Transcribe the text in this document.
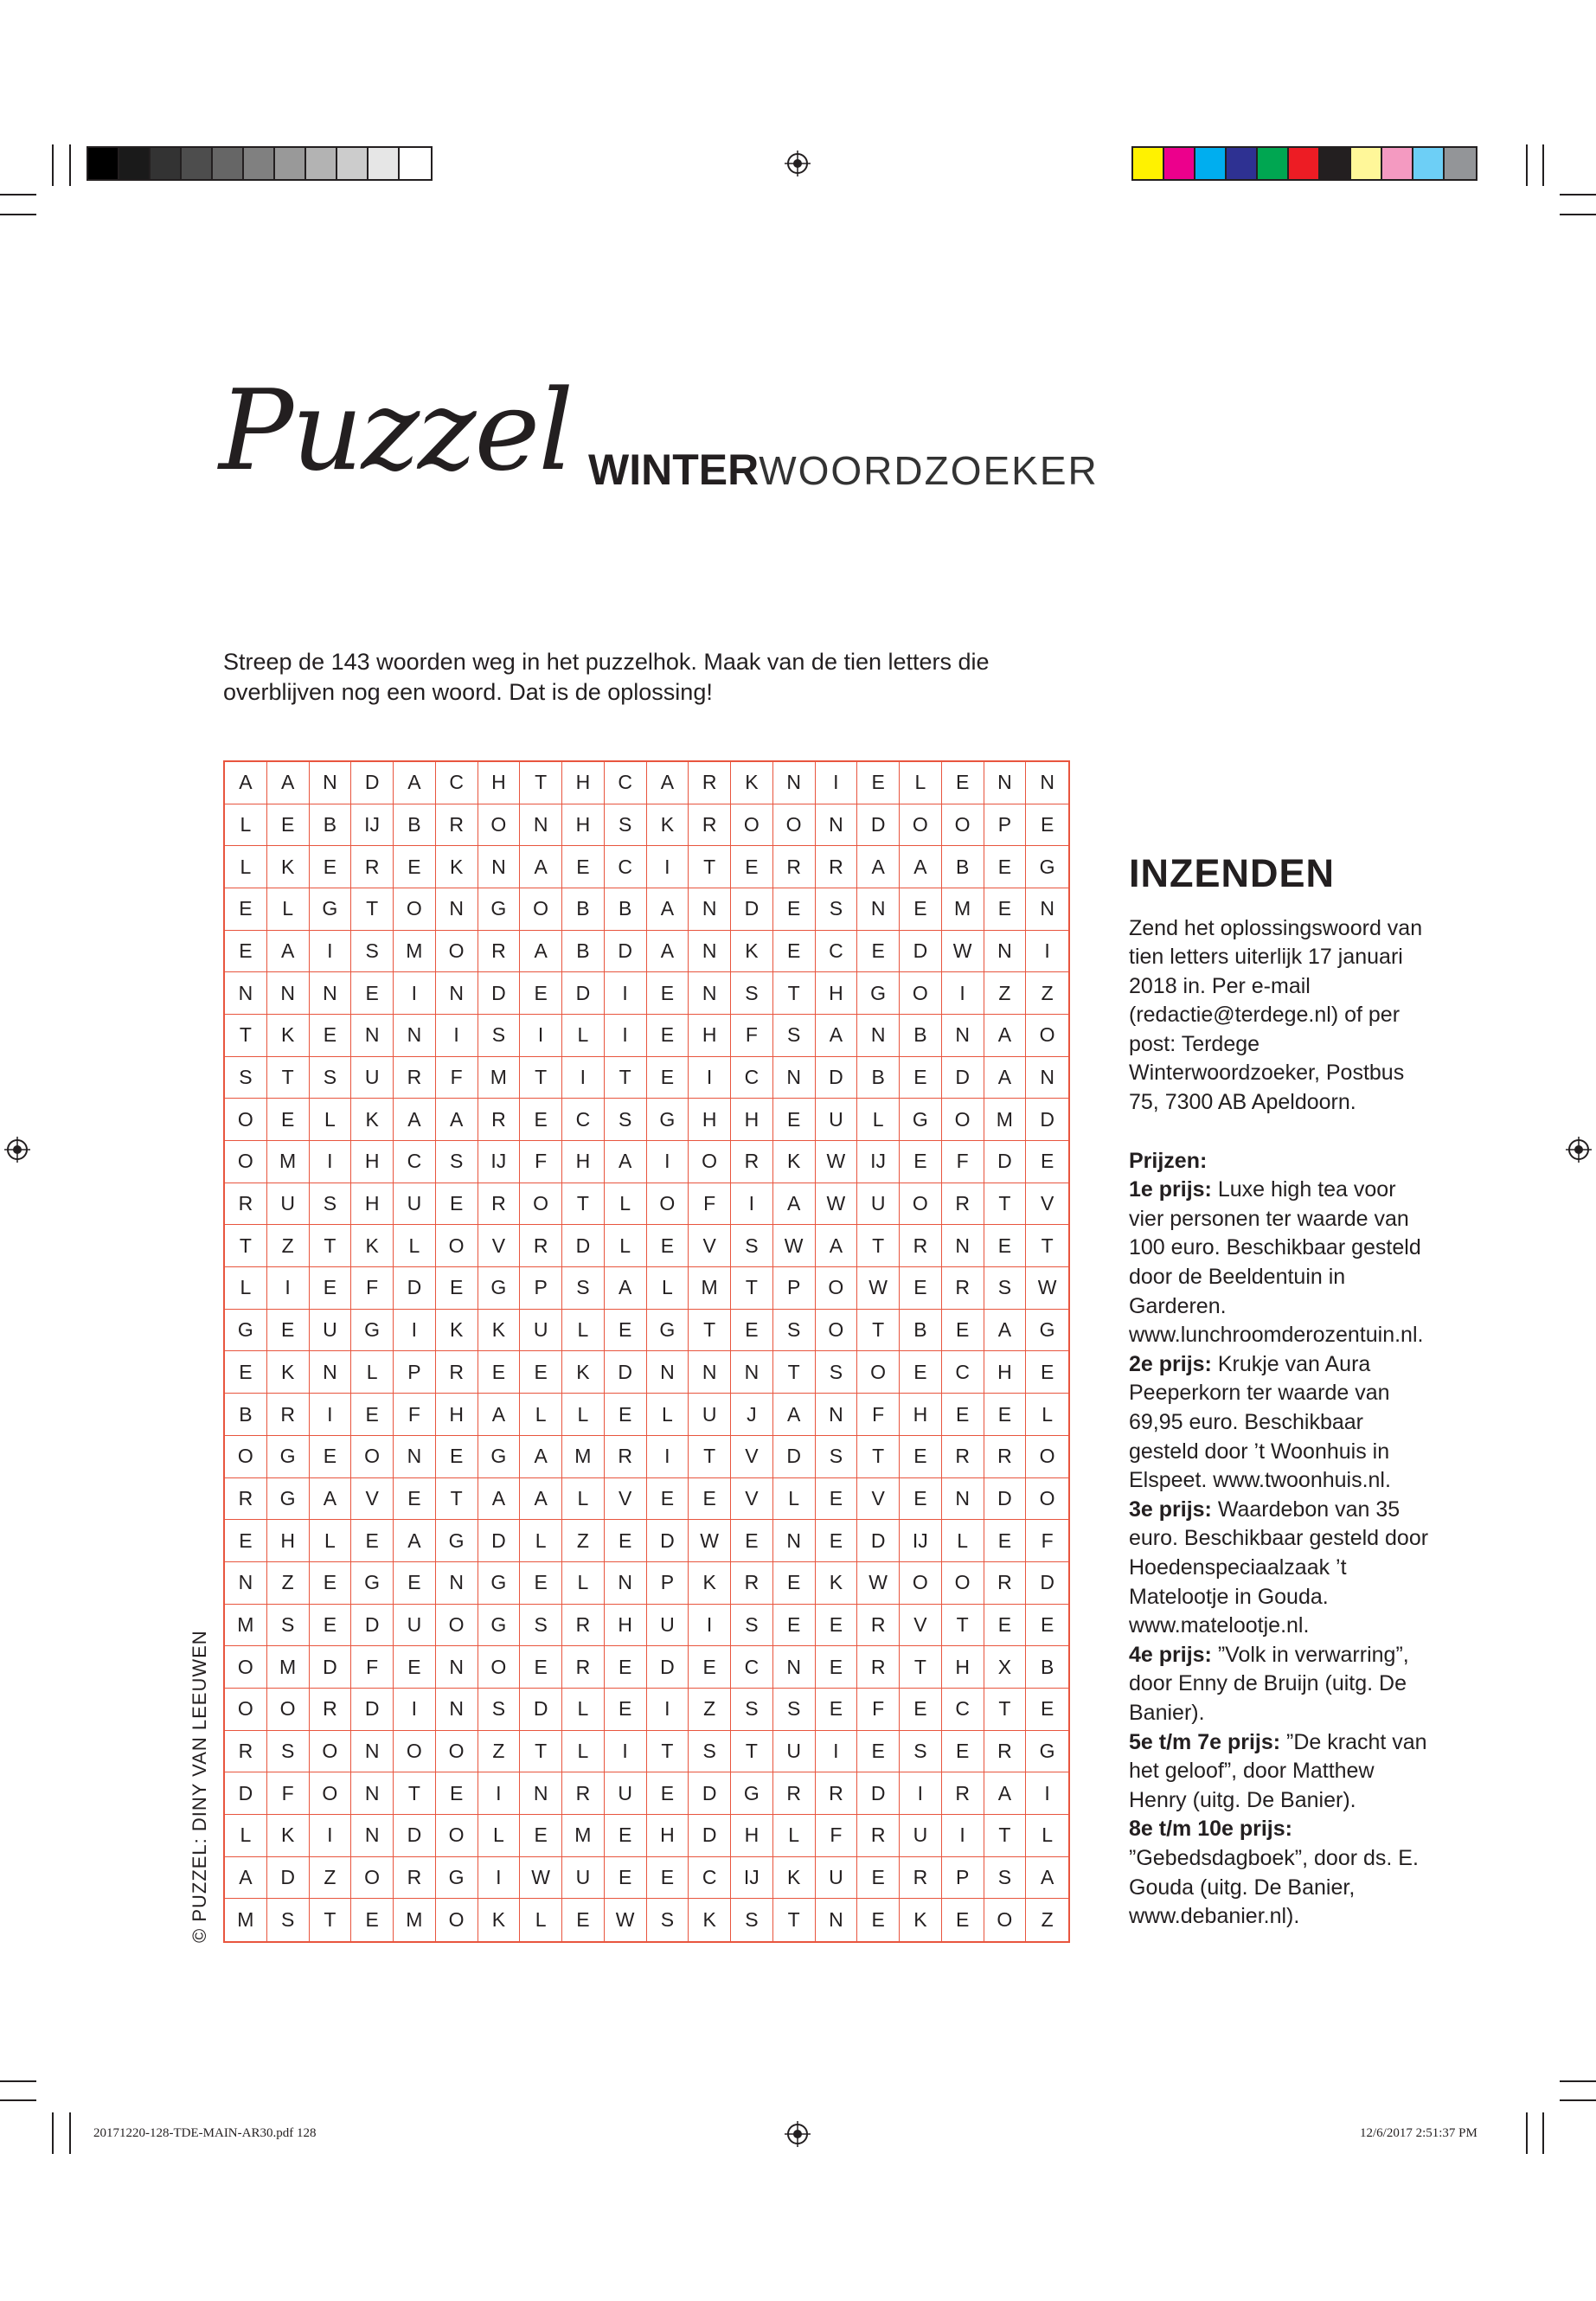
Puzzel WINTERWOORDZOEKER
Streep de 143 woorden weg in het puzzelhok. Maak van de tien letters die overblijven nog een woord. Dat is de oplossing!
A	A	N	D	A	C	H	T	H	C	A	R	K	N	I	E	L	E	N	N
L	E	B	IJ	B	R	O	N	H	S	K	R	O	O	N	D	O	O	P	E
L	K	E	R	E	K	N	A	E	C	I	T	E	R	R	A	A	B	E	G
E	L	G	T	O	N	G	O	B	B	A	N	D	E	S	N	E	M	E	N
E	A	I	S	M	O	R	A	B	D	A	N	K	E	C	E	D	W	N	I
N	N	N	E	I	N	D	E	D	I	E	N	S	T	H	G	O	I	Z	Z
T	K	E	N	N	I	S	I	L	I	E	H	F	S	A	N	B	N	A	O
S	T	S	U	R	F	M	T	I	T	E	I	C	N	D	B	E	D	A	N
O	E	L	K	A	A	R	E	C	S	G	H	H	E	U	L	G	O	M	D
O	M	I	H	C	S	IJ	F	H	A	I	O	R	K	W	IJ	E	F	D	E
R	U	S	H	U	E	R	O	T	L	O	F	I	A	W	U	O	R	T	V
T	Z	T	K	L	O	V	R	D	L	E	V	S	W	A	T	R	N	E	T
L	I	E	F	D	E	G	P	S	A	L	M	T	P	O	W	E	R	S	W
G	E	U	G	I	K	K	U	L	E	G	T	E	S	O	T	B	E	A	G
E	K	N	L	P	R	E	E	K	D	N	N	N	T	S	O	E	C	H	E
B	R	I	E	F	H	A	L	L	E	L	U	J	A	N	F	H	E	E	L
O	G	E	O	N	E	G	A	M	R	I	T	V	D	S	T	E	R	R	O
R	G	A	V	E	T	A	A	L	V	E	E	V	L	E	V	E	N	D	O
E	H	L	E	A	G	D	L	Z	E	D	W	E	N	E	D	IJ	L	E	F
N	Z	E	G	E	N	G	E	L	N	P	K	R	E	K	W	O	O	R	D
M	S	E	D	U	O	G	S	R	H	U	I	S	E	E	R	V	T	E	E
O	M	D	F	E	N	O	E	R	E	D	E	C	N	E	R	T	H	X	B
O	O	R	D	I	N	S	D	L	E	I	Z	S	S	E	F	E	C	T	E
R	S	O	N	O	O	Z	T	L	I	T	S	T	U	I	E	S	E	R	G
D	F	O	N	T	E	I	N	R	U	E	D	G	R	R	D	I	R	A	I
L	K	I	N	D	O	L	E	M	E	H	D	H	L	F	R	U	I	T	L
A	D	Z	O	R	G	I	W	U	E	E	C	IJ	K	U	E	R	P	S	A
M	S	T	E	M	O	K	L	E	W	S	K	S	T	N	E	K	E	O	Z
© PUZZEL: DINY VAN LEEUWEN
INZENDEN

Zend het oplossingswoord van tien letters uiterlijk 17 januari 2018 in. Per e-mail (redactie@terdege.nl) of per post: Terdege Winterwoordzoeker, Postbus 75, 7300 AB Apeldoorn.

Prijzen:

1e prijs: Luxe high tea voor vier personen ter waarde van 100 euro. Beschikbaar gesteld door de Beeldentuin in Garderen. www.lunchroomderozentuin.nl.

2e prijs: Krukje van Aura Peeperkorn ter waarde van 69,95 euro. Beschikbaar gesteld door ’t Woonhuis in Elspeet. www.twoonhuis.nl.

3e prijs: Waardebon van 35 euro. Beschikbaar gesteld door Hoedenspeciaalzaak ’t Matelootje in Gouda. www.matelootje.nl.

4e prijs: ”Volk in verwarring”, door Enny de Bruijn (uitg. De Banier).

5e t/m 7e prijs: ”De kracht van het geloof”, door Matthew Henry (uitg. De Banier).

8e t/m 10e prijs: ”Gebedsdagboek”, door ds. E. Gouda (uitg. De Banier, www.debanier.nl).

20171220-128-TDE-MAIN-AR30.pdf 128	12/6/2017 2:51:37 PM
